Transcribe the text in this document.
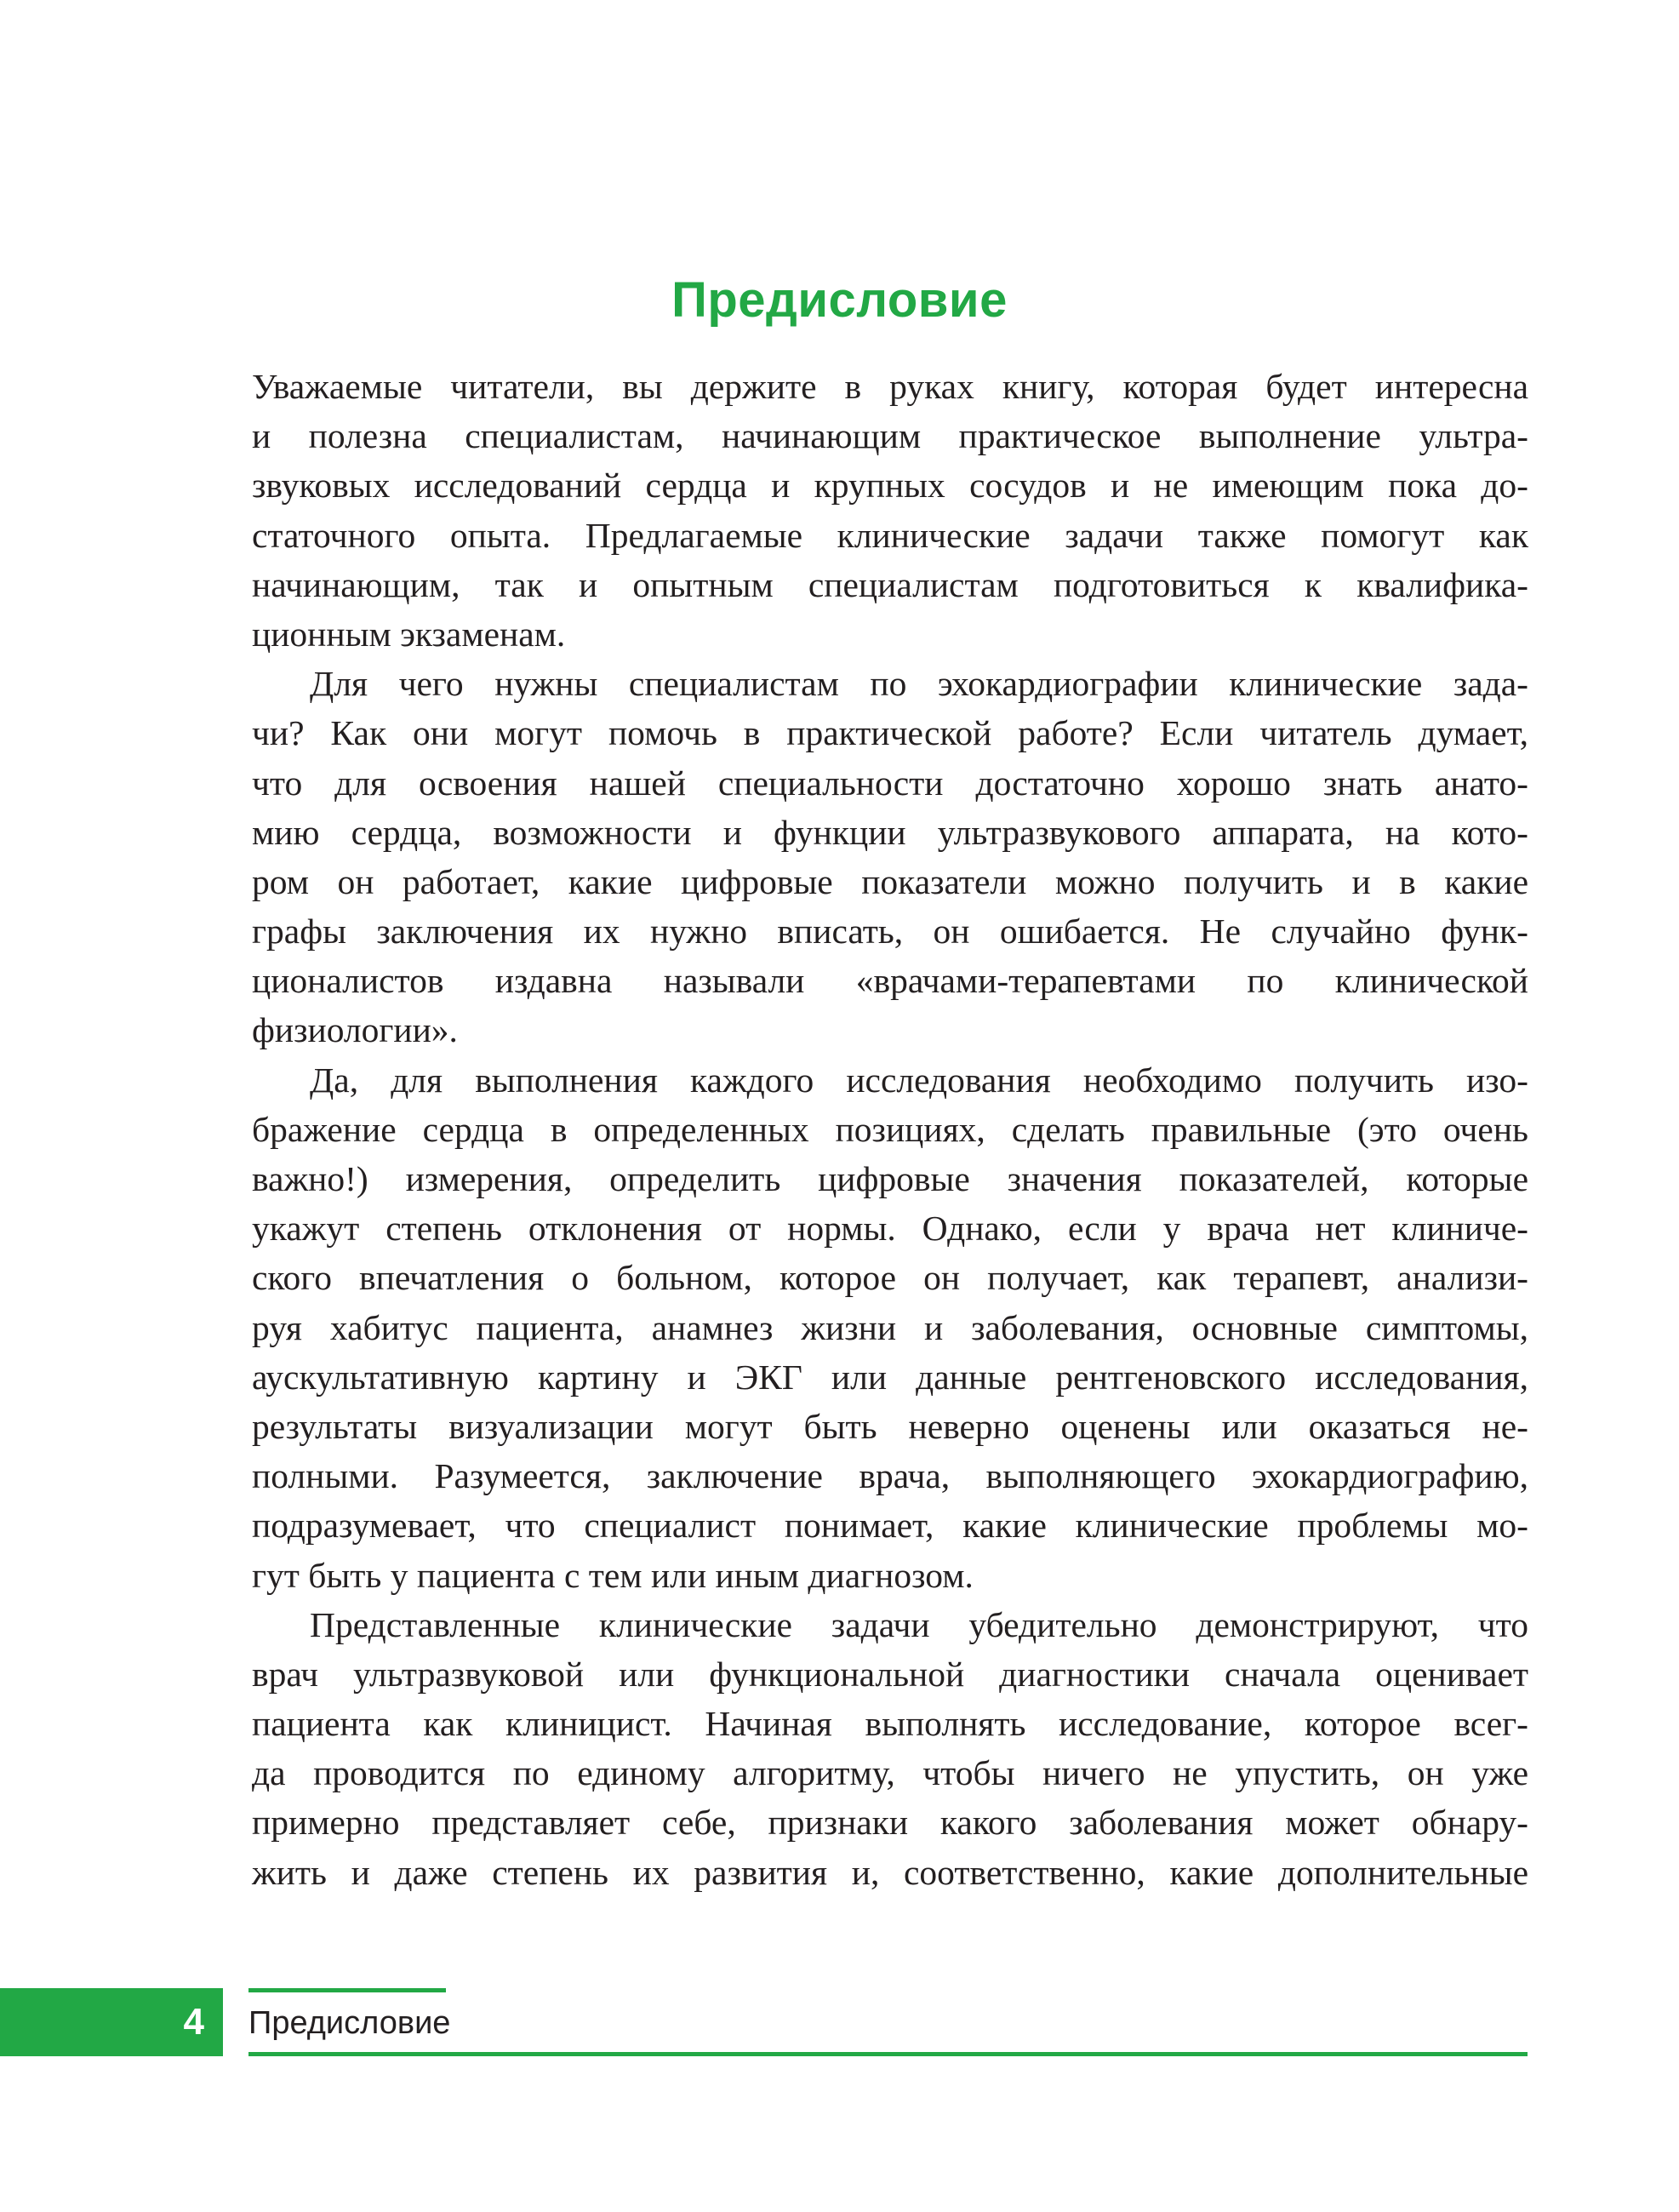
Предисловие
Уважаемые читатели, вы держите в руках книгу, которая будет интересна
и полезна специалистам, начинающим практическое выполнение ультра-
звуковых исследований сердца и крупных сосудов и не имеющим пока до-
статочного опыта. Предлагаемые клинические задачи также помогут как
начинающим, так и опытным специалистам подготовиться к квалифика-
ционным экзаменам.
Для чего нужны специалистам по эхокардиографии клинические зада-
чи? Как они могут помочь в практической работе? Если читатель думает,
что для освоения нашей специальности достаточно хорошо знать анато-
мию сердца, возможности и функции ультразвукового аппарата, на кото-
ром он работает, какие цифровые показатели можно получить и в какие
графы заключения их нужно вписать, он ошибается. Не случайно функ-
ционалистов издавна называли «врачами-терапевтами по клинической
физиологии».
Да, для выполнения каждого исследования необходимо получить изо-
бражение сердца в определенных позициях, сделать правильные (это очень
важно!) измерения, определить цифровые значения показателей, которые
укажут степень отклонения от нормы. Однако, если у врача нет клиниче-
ского впечатления о больном, которое он получает, как терапевт, анализи-
руя хабитус пациента, анамнез жизни и заболевания, основные симптомы,
аускультативную картину и ЭКГ или данные рентгеновского исследования,
результаты визуализации могут быть неверно оценены или оказаться не-
полными. Разумеется, заключение врача, выполняющего эхокардиографию,
подразумевает, что специалист понимает, какие клинические проблемы мо-
гут быть у пациента с тем или иным диагнозом.
Представленные клинические задачи убедительно демонстрируют, что
врач ультразвуковой или функциональной диагностики сначала оценивает
пациента как клиницист. Начиная выполнять исследование, которое всег-
да проводится по единому алгоритму, чтобы ничего не упустить, он уже
примерно представляет себе, признаки какого заболевания может обнару-
жить и даже степень их развития и, соответственно, какие дополнительные
4 Предисловие
